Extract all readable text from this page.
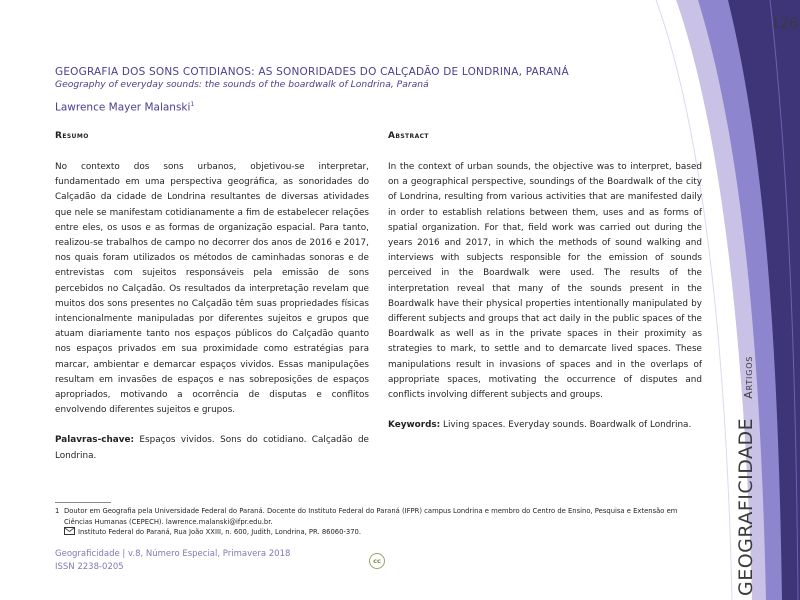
126
GEOGRAFIA DOS SONS COTIDIANOS: AS SONORIDADES DO CALÇADÃO DE LONDRINA, PARANÁ
Geography of everyday sounds: the sounds of the boardwalk of Londrina, Paraná
Lawrence Mayer Malanski$^1$
Resumo

No contexto dos sons urbanos, objetivou-se interpretar, fundamentado em uma perspectiva geográfica, as sonoridades do Calçadão da cidade de Londrina resultantes de diversas atividades que nele se manifestam cotidianamente a fim de estabelecer relações entre eles, os usos e as formas de organização espacial. Para tanto, realizou-se trabalhos de campo no decorrer dos anos de 2016 e 2017, nos quais foram utilizados os métodos de caminhadas sonoras e de entrevistas com sujeitos responsáveis pela emissão de sons percebidos no Calçadão. Os resultados da interpretação revelam que muitos dos sons presentes no Calçadão têm suas propriedades físicas intencionalmente manipuladas por diferentes sujeitos e grupos que atuam diariamente tanto nos espaços públicos do Calçadão quanto nos espaços privados em sua proximidade como estratégias para marcar, ambientar e demarcar espaços vividos. Essas manipulações resultam em invasões de espaços e nas sobreposições de espaços apropriados, motivando a ocorrência de disputas e conflitos envolvendo diferentes sujeitos e grupos.

Palavras-chave: Espaços vividos. Sons do cotidiano. Calçadão de Londrina.

Abstract

In the context of urban sounds, the objective was to interpret, based on a geographical perspective, soundings of the Boardwalk of the city of Londrina, resulting from various activities that are manifested daily in order to establish relations between them, uses and as forms of spatial organization. For that, field work was carried out during the years 2016 and 2017, in which the methods of sound walking and interviews with subjects responsible for the emission of sounds perceived in the Boardwalk were used. The results of the interpretation reveal that many of the sounds present in the Boardwalk have their physical properties intentionally manipulated by different subjects and groups that act daily in the public spaces of the Boardwalk as well as in the private spaces in their proximity as strategies to mark, to settle and to demarcate lived spaces. These manipulations result in invasions of spaces and in the overlaps of appropriate spaces, motivating the occurrence of disputes and conflicts involving different subjects and groups.

Keywords: Living spaces. Everyday sounds. Boardwalk of Londrina.

1 Doutor em Geografia pela Universidade Federal do Paraná. Docente do Instituto Federal do Paraná (IFPR) campus Londrina e membro do Centro de Ensino, Pesquisa e Extensão em Ciências Humanas (CEPECH). lawrence.malanski@ifpr.edu.br.
Instituto Federal do Paraná, Rua João XXIII, n. 600, Judith, Londrina, PR. 86060-370.
Geograficidade | v.8, Número Especial, Primavera 2018
ISSN 2238-0205
cc	GEOGRAFICIDADE Artigos
